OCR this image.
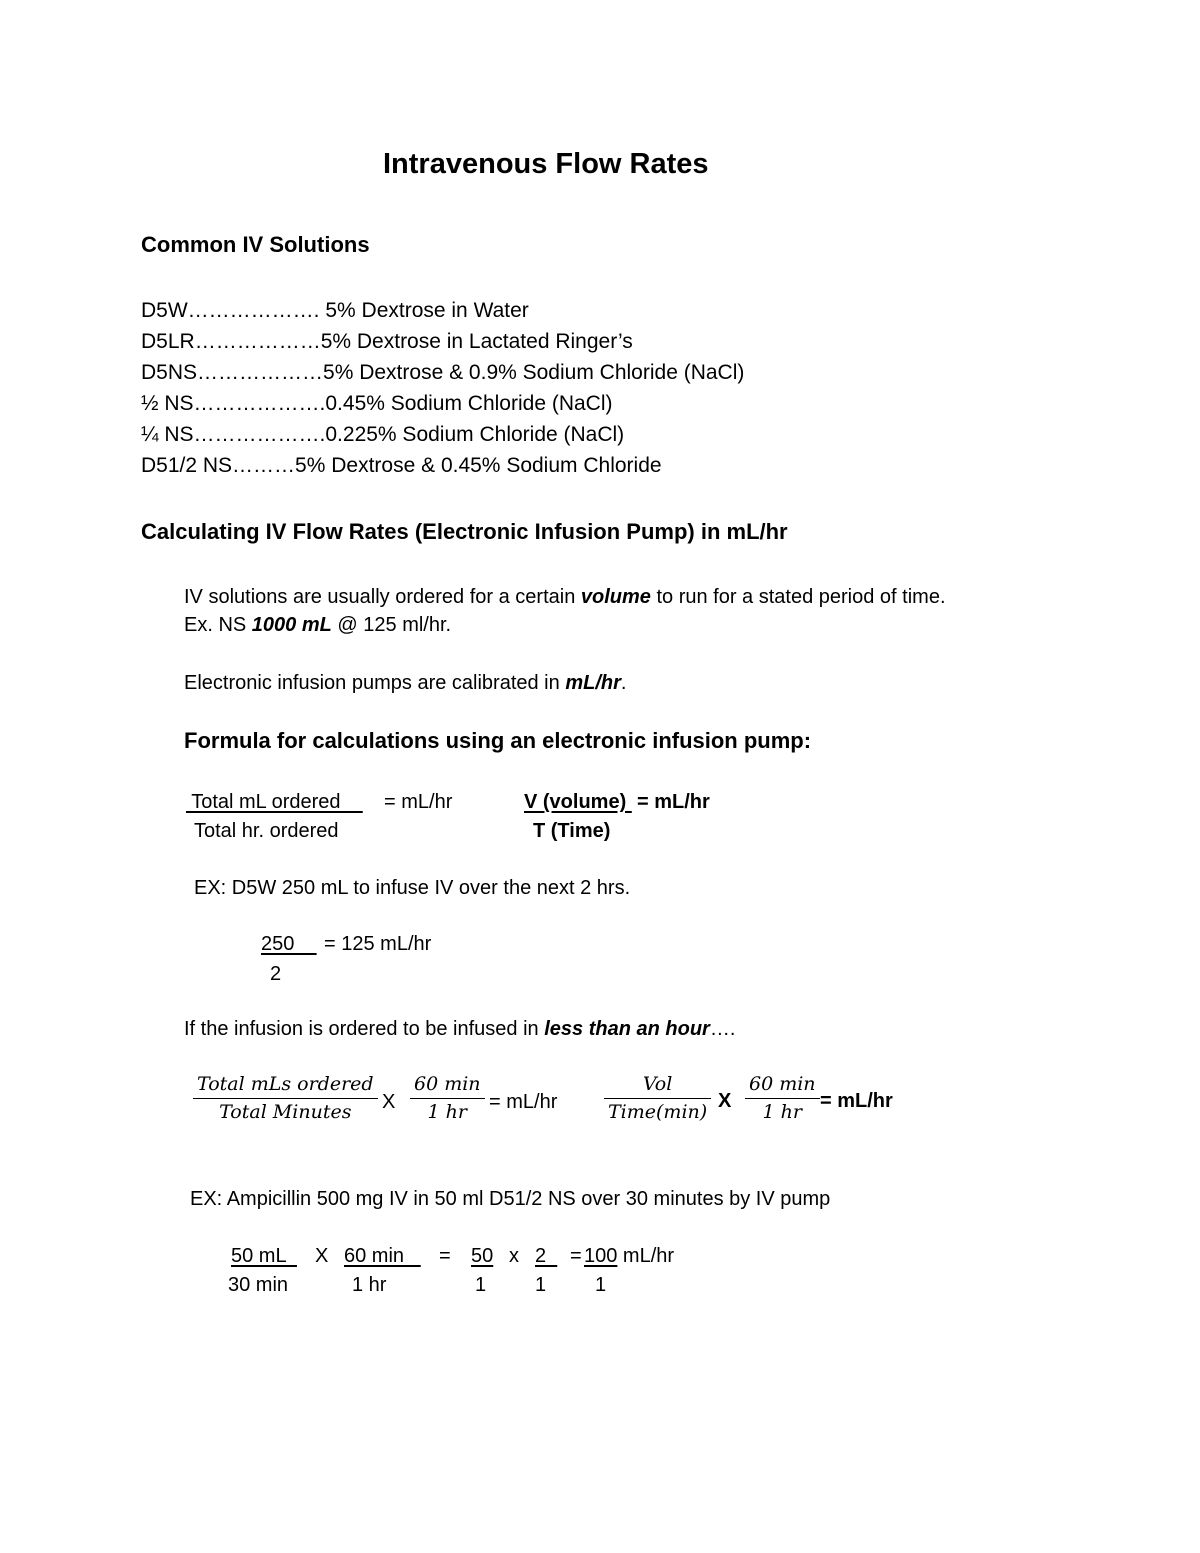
Intravenous Flow Rates
Common IV Solutions
D5W………………. 5% Dextrose in Water
D5LR………………5% Dextrose in Lactated Ringer’s
D5NS………………5% Dextrose & 0.9% Sodium Chloride (NaCl)
½ NS……………….0.45% Sodium Chloride (NaCl)
¼ NS……………….0.225% Sodium Chloride (NaCl)
D51/2 NS………5% Dextrose & 0.45% Sodium Chloride
Calculating IV Flow Rates (Electronic Infusion Pump) in mL/hr
IV solutions are usually ordered for a certain volume to run for a stated period of time.
Ex. NS 1000 mL @ 125 ml/hr.
Electronic infusion pumps are calibrated in mL/hr.
Formula for calculations using an electronic infusion pump:
Total mL ordered = mL/hr
Total hr. ordered
V (volume) = mL/hr
T (Time)
EX: D5W 250 mL to infuse IV over the next 2 hrs.
250 = 125 mL/hr
2
If the infusion is ordered to be infused in less than an hour….
Total mLs ordered
Total Minutes X
60 min
1 hr = mL/hr
Vol
Time(min) X
60 min
1 hr = mL/hr
EX: Ampicillin 500 mg IV in 50 ml D51/2 NS over 30 minutes by IV pump
50 mL X 60 min = 50 x 2 = 100 mL/hr
30 min	1 hr	1 1 1
